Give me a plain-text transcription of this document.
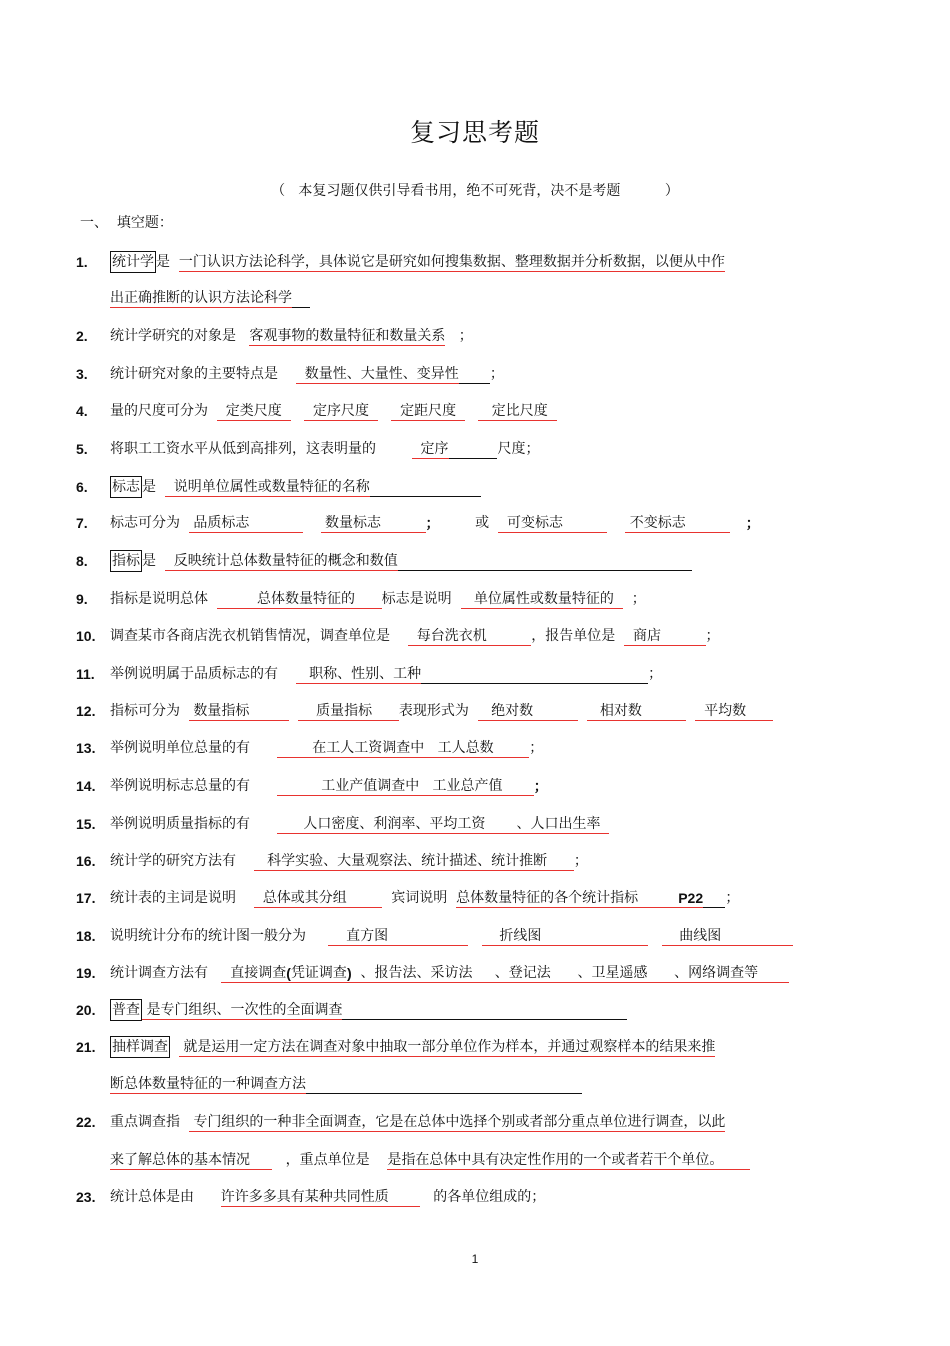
复习思考题
（   本复习题仅供引导看书用，绝不可死背，决不是考题          ）
一、  填空题：
1. 统计学 是 一门认识方法论科学，具体说它是研究如何搜集数据、整理数据并分析数据，以便从中作
出正确推断的认识方法论科学

2. 统计学研究的对象是 客观事物的数量特征和数量关系 ；
3. 统计研究对象的主要特点是 数量性、大量性、变异性
；
4. 量的尺度可分为 定类尺度
定序尺度
定距尺度
定比尺度
5. 将职工工资水平从低到高排列，这表明量的 定序
	尺度；
6. 标志 是 说明单位属性或数量特征的名称

7. 标志可分为 品质标志
数量标志 ； 或 可变标志
不变标志 ；
8. 指标 是 反映统计总体数量特征的概念和数值

9. 指标是说明总体 总体数量特征的 标志是说明 单位属性或数量特征的 ；
10. 调查某市各商店洗衣机销售情况，调查单位是 每台洗衣机 ，报告单位是 商店 ；
11. 举例说明属于品质标志的有 职称、性别、工种
	；
12. 指标可分为 数量指标
质量指标 表现形式为 绝对数
相对数
平均数
13. 举例说明单位总量的有 在工人工资调查中   工人总数 ；
14. 举例说明标志总量的有 工业产值调查中   工业总产值 ；
15. 举例说明质量指标的有 人口密度、利润率、平均工资       、人口出生率
16. 统计学的研究方法有 科学实验、大量观察法、统计描述、统计推断 ；
17. 统计表的主词是说明 总体或其分组 宾词说明 总体数量特征的各个统计指标 P22
；
18. 说明统计分布的统计图一般分为 直方图
折线图
曲线图
19. 统计调查方法有 直接调查 ( 凭证调查 ) 、报告法、采访法     、登记法      、卫星遥感      、网络调查等
20. 普查 是专门组织、一次性的全面调查

21. 抽样调查
就是运用一定方法在调查对象中抽取一部分单位作为样本，并通过观察样本的结果来推
断总体数量特征的一种调查方法

22. 重点调查指 专门组织的一种非全面调查，它是在总体中选择个别或者部分重点单位进行调查，以此
来了解总体的基本情况 ，重点单位是 是指在总体中具有决定性作用的一个或者若干个单位。
23. 统计总体是由 许许多多具有某种共同性质 的各单位组成的；
1
